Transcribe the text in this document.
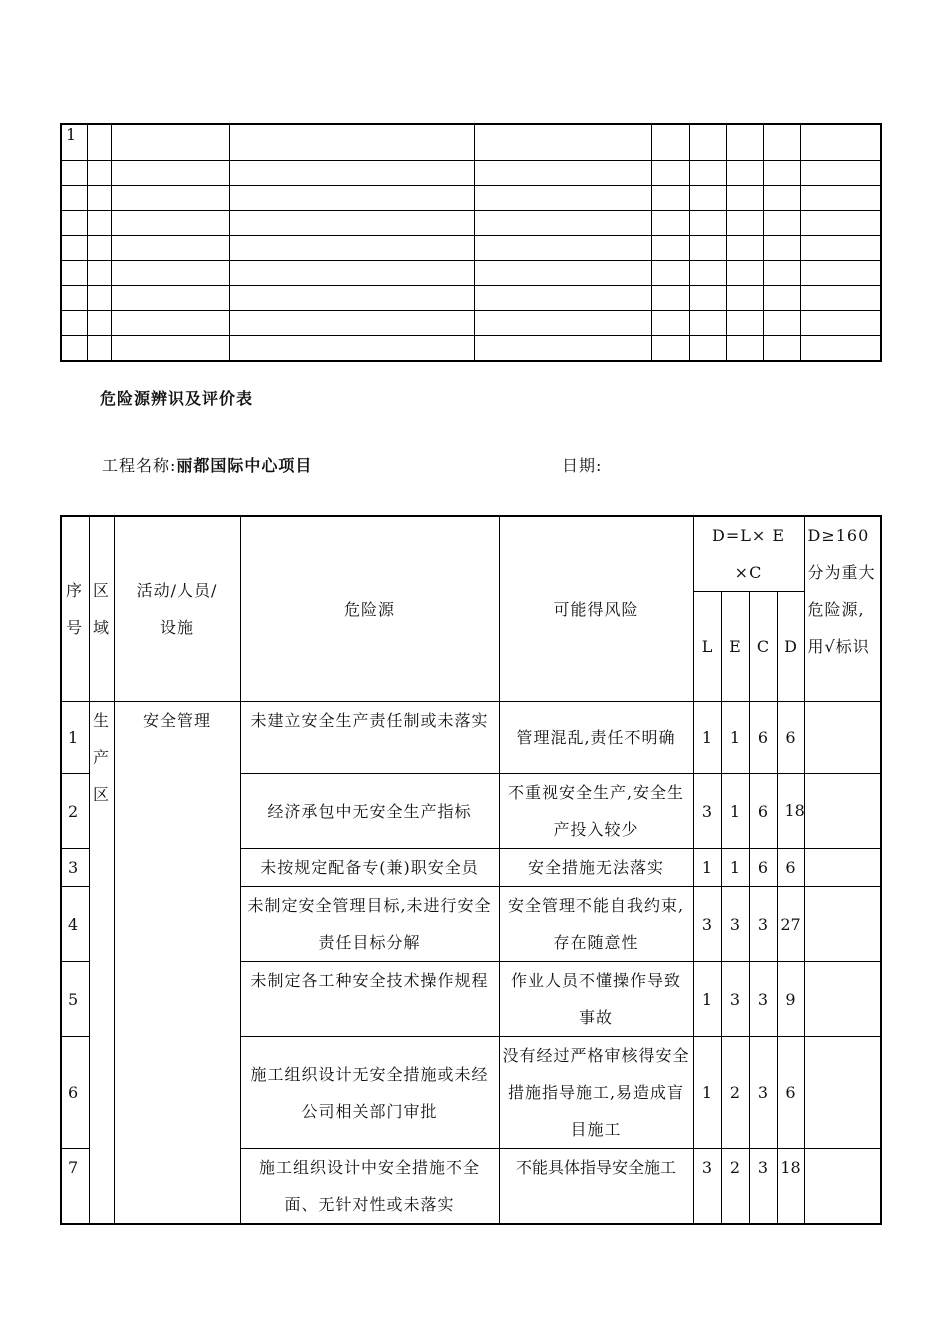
1									

危险源辨识及评价表
工程名称:丽都国际中心项目	日期:
序号	区域	活动/人员/设施	危险源	可能得风险	D=L× E ×C				D≥160分为重大危险源,用√标识
					L	E	C	D	
1	生产区	安全管理	未建立安全生产责任制或未落实	管理混乱,责任不明确	1	1	6	6	
2			经济承包中无安全生产指标	不重视安全生产,安全生产投入较少	3	1	6	18	
3			未按规定配备专(兼)职安全员	安全措施无法落实	1	1	6	6	
4			未制定安全管理目标,未进行安全责任目标分解	安全管理不能自我约束,存在随意性	3	3	3	27	
5			未制定各工种安全技术操作规程	作业人员不懂操作导致事故	1	3	3	9	
6			施工组织设计无安全措施或未经公司相关部门审批	没有经过严格审核得安全措施指导施工,易造成盲目施工	1	2	3	6	
7			施工组织设计中安全措施不全面、无针对性或未落实	不能具体指导安全施工	3	2	3	18	
